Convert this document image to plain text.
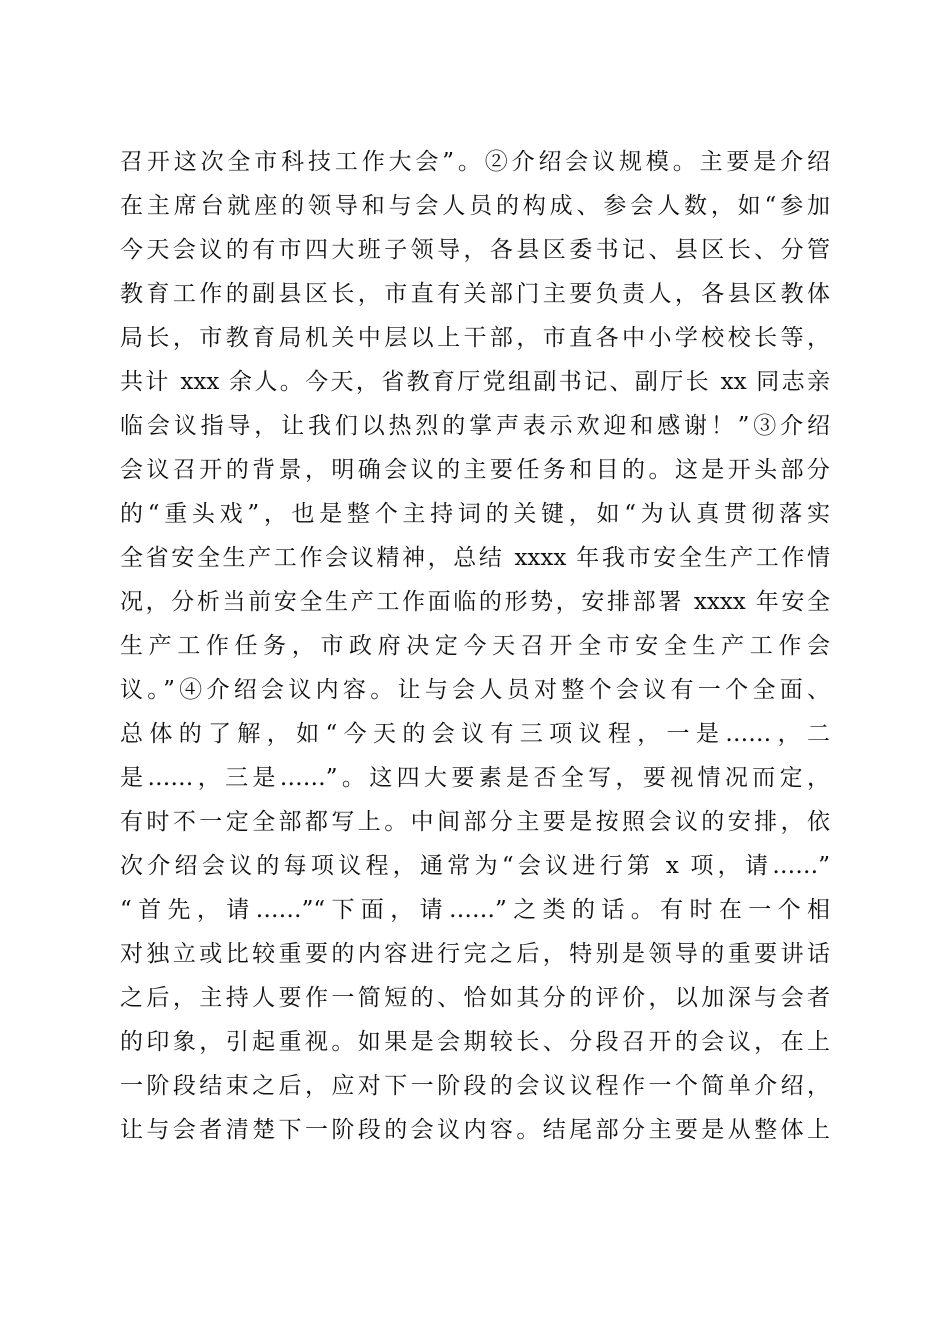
召开这次全市科技工作大会”。②介绍会议规模。主要是介绍
在主席台就座的领导和与会人员的构成、参会人数，如“参加
今天会议的有市四大班子领导，各县区委书记、县区长、分管
教育工作的副县区长，市直有关部门主要负责人，各县区教体
局长，市教育局机关中层以上干部，市直各中小学校校长等，
共计 xxx 余人。今天，省教育厅党组副书记、副厅长 xx 同志亲
临会议指导，让我们以热烈的掌声表示欢迎和感谢！”③介绍
会议召开的背景，明确会议的主要任务和目的。这是开头部分
的“重头戏”，也是整个主持词的关键，如“为认真贯彻落实
全省安全生产工作会议精神，总结 xxxx 年我市安全生产工作情
况，分析当前安全生产工作面临的形势，安排部署 xxxx 年安全
生产工作任务，市政府决定今天召开全市安全生产工作会
议。”④介绍会议内容。让与会人员对整个会议有一个全面、
总体的了解，如“今天的会议有三项议程，一是……，二
是……，三是……”。这四大要素是否全写，要视情况而定，
有时不一定全部都写上。中间部分主要是按照会议的安排，依
次介绍会议的每项议程，通常为“会议进行第 x 项，请……”
“首先，请……”“下面，请……”之类的话。有时在一个相
对独立或比较重要的内容进行完之后，特别是领导的重要讲话
之后，主持人要作一简短的、恰如其分的评价，以加深与会者
的印象，引起重视。如果是会期较长、分段召开的会议，在上
一阶段结束之后，应对下一阶段的会议议程作一个简单介绍，
让与会者清楚下一阶段的会议内容。结尾部分主要是从整体上
